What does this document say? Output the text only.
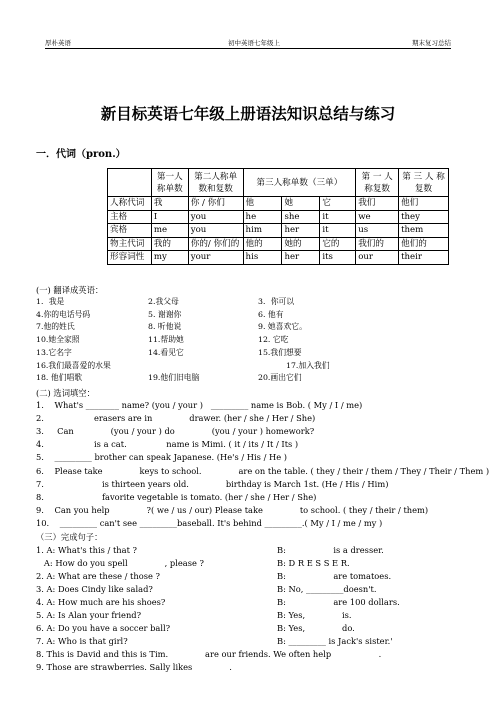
厚朴英语	初中英语七年级上	期末复习总结
新目标英语七年级上册语法知识总结与练习
一．代词（pron.）
	第一人称单数	第二人称单数和复数	第三人称单数（三单）			第 一 人称复数	第 三 人 称复数
人称代词	我	你 / 你们	他	她	它	我们	他们
主格	I	you	he	she	it	we	they
宾格	me	you	him	her	it	us	them
物主代词	我的	你的/ 你们的	他的	她的	它的	我们的	他们的
形容词性	my	your	his	her	its	our	their
(一) 翻译成英语：
1．我是	2.我父母	3．你可以
4.你的电话号码	5. 谢谢你	6. 他有
7.他的姓氏	8. 听他说	9. 她喜欢它。
10.她全家照	11.帮助她	12. 它吃
13.它名字	14.看见它	15.我们想要
16.我们最喜爱的水果	17.加入我们
18. 他们唱歌	19.他们旧电脑	20.画出它们
(二) 选词填空：
1.    What's ________ name? (you / your )   _________ name is Bob. ( My / I / me)
2.                   erasers are in              drawer. (her / she / Her / She)
3.     Can              (you / your ) do              (you / your ) homework?
4.                   is a cat.               name is Mimi. ( it / its / It / Its )
5.    _________ brother can speak Japanese. (He's / His / He )
6.    Please take              keys to school.              are on the table. ( they / their / them / They / Their / Them )
7.                      is thirteen years old.              birthday is March 1st. (He / His / Him)
8.                      favorite vegetable is tomato. (her / she / Her / She)
9.    Can you help              ?( we / us / our) Please take              to school. ( they / their / them)
10.    _________ can't see _________baseball. It's behind _________.( My / I / me / my )
（三）完成句子：
1. A: What's this / that ?	B:                  is a dresser.
A: How do you spell              , please ?	B: D R E S S E R.
2. A: What are these / those ?	B:                  are tomatoes.
3. A: Does Cindy like salad?	B: No, _________doesn't.
4. A: How much are his shoes?	B:                  are 100 dollars.
5. A: Is Alan your friend?	B: Yes,              is.
6. A: Do you have a soccer ball?	B: Yes,              do.
7. A: Who is that girl?	B: _________ is Jack's sister.'
8. This is David and this is Tim.              are our friends. We often help                  .
9. Those are strawberries. Sally likes              .
